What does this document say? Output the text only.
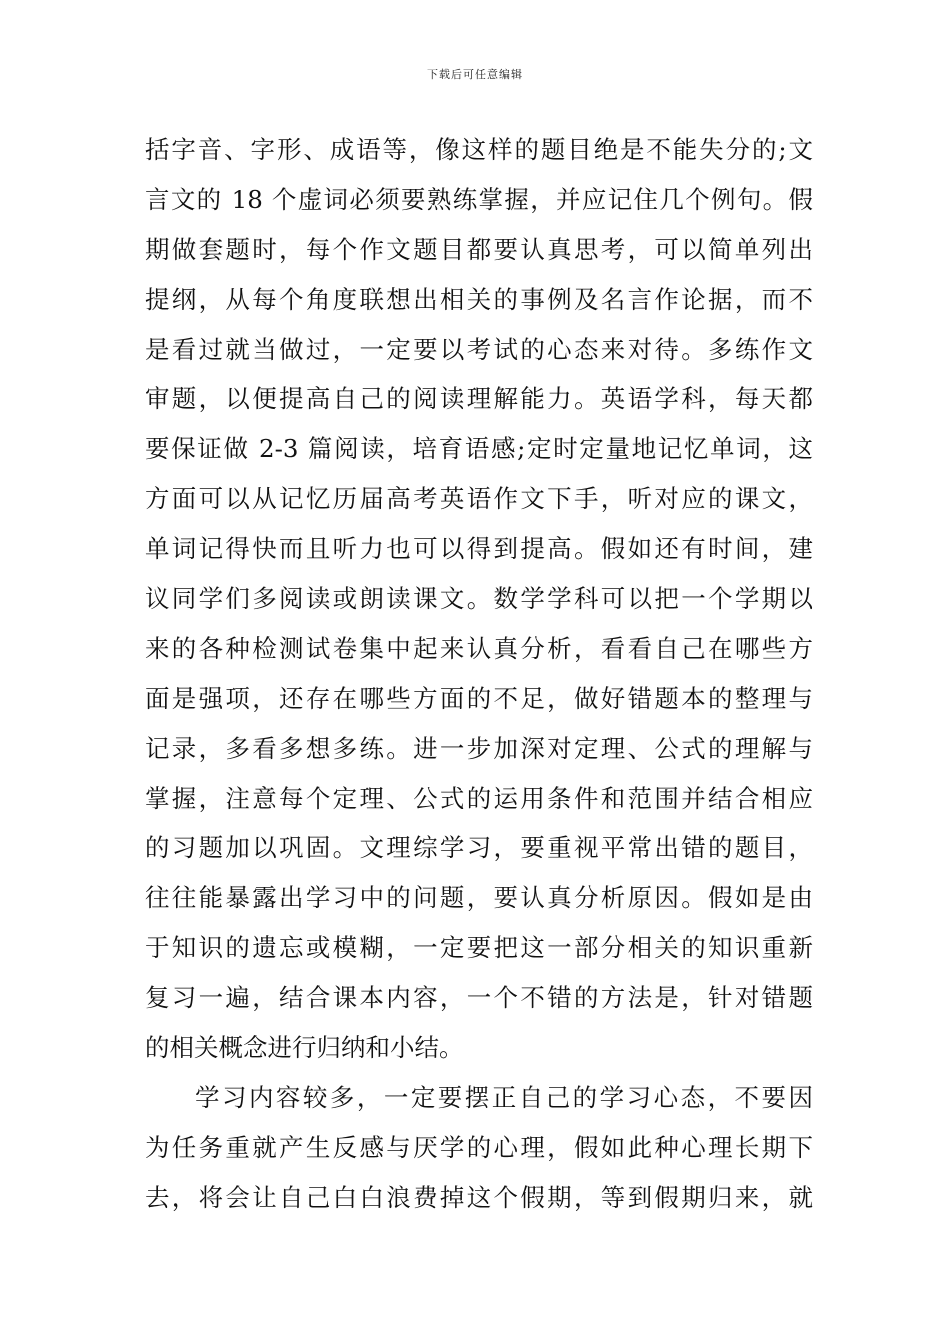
下载后可任意编辑
括字音、字形、成语等，像这样的题目绝是不能失分的;文
言文的 18 个虚词必须要熟练掌握，并应记住几个例句。假
期做套题时，每个作文题目都要认真思考，可以简单列出
提纲，从每个角度联想出相关的事例及名言作论据，而不
是看过就当做过，一定要以考试的心态来对待。多练作文
审题，以便提高自己的阅读理解能力。英语学科，每天都
要保证做 2-3 篇阅读，培育语感;定时定量地记忆单词，这
方面可以从记忆历届高考英语作文下手，听对应的课文，
单词记得快而且听力也可以得到提高。假如还有时间，建
议同学们多阅读或朗读课文。数学学科可以把一个学期以
来的各种检测试卷集中起来认真分析，看看自己在哪些方
面是强项，还存在哪些方面的不足，做好错题本的整理与
记录，多看多想多练。进一步加深对定理、公式的理解与
掌握，注意每个定理、公式的运用条件和范围并结合相应
的习题加以巩固。文理综学习，要重视平常出错的题目，
往往能暴露出学习中的问题，要认真分析原因。假如是由
于知识的遗忘或模糊，一定要把这一部分相关的知识重新
复习一遍，结合课本内容，一个不错的方法是，针对错题
的相关概念进行归纳和小结。
学习内容较多，一定要摆正自己的学习心态，不要因
为任务重就产生反感与厌学的心理，假如此种心理长期下
去，将会让自己白白浪费掉这个假期，等到假期归来，就
